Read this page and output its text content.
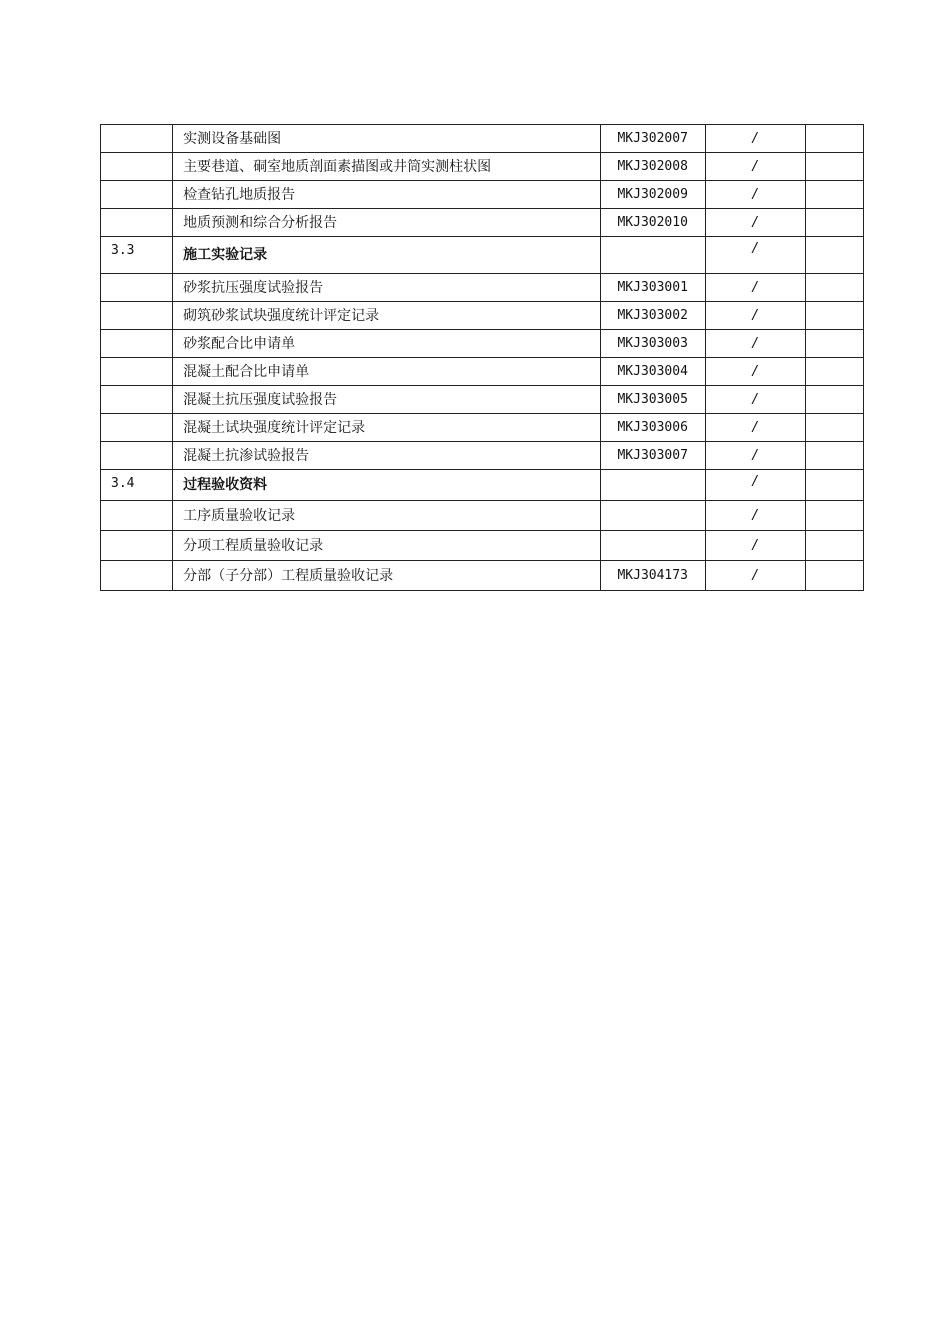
	实测设备基础图	MKJ302007	/	
	主要巷道、硐室地质剖面素描图或井筒实测柱状图	MKJ302008	/	
	检查钻孔地质报告	MKJ302009	/	
	地质预测和综合分析报告	MKJ302010	/	
3.3	施工实验记录		/	
	砂浆抗压强度试验报告	MKJ303001	/	
	砌筑砂浆试块强度统计评定记录	MKJ303002	/	
	砂浆配合比申请单	MKJ303003	/	
	混凝土配合比申请单	MKJ303004	/	
	混凝土抗压强度试验报告	MKJ303005	/	
	混凝土试块强度统计评定记录	MKJ303006	/	
	混凝土抗渗试验报告	MKJ303007	/	
3.4	过程验收资料		/	
	工序质量验收记录		/	
	分项工程质量验收记录		/	
	分部（子分部）工程质量验收记录	MKJ304173	/	
